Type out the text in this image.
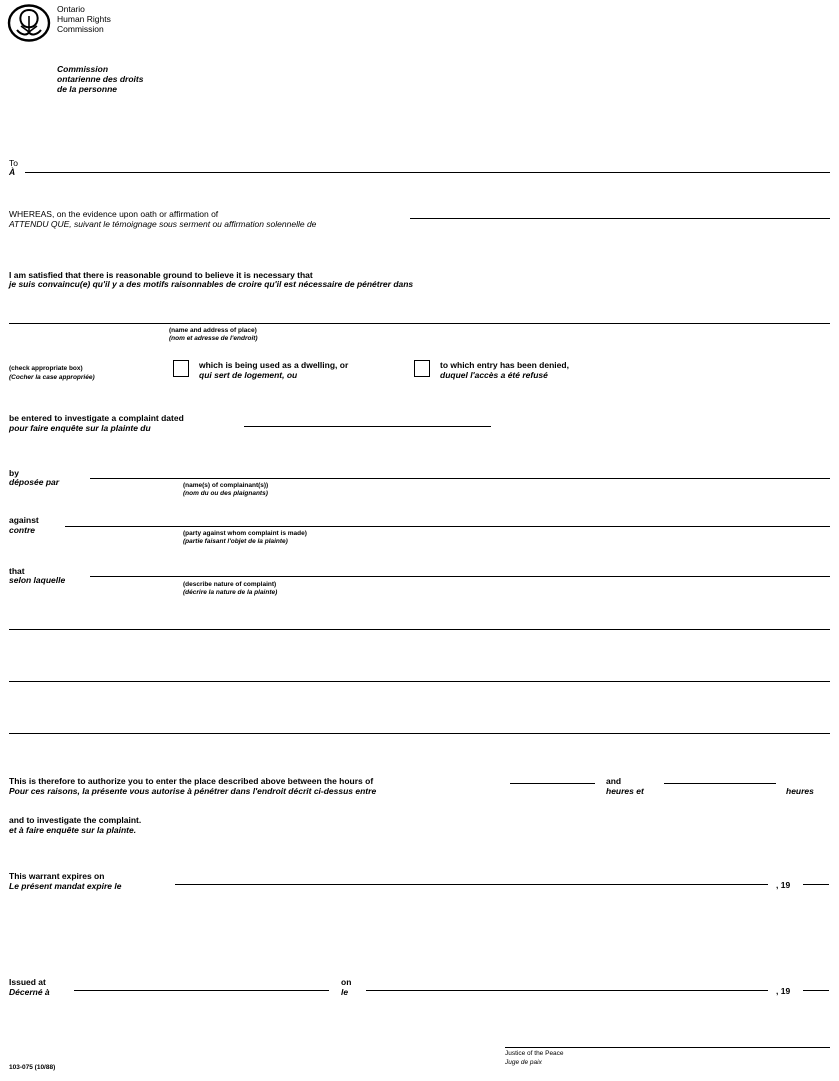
Ontario
Human Rights
Commission
Commission
ontarienne des droits
de la personne
To
À
WHEREAS, on the evidence upon oath or affirmation of
ATTENDU QUE, suivant le témoignage sous serment ou affirmation solennelle de
I am satisfied that there is reasonable ground to believe it is necessary that
je suis convaincu(e) qu'il y a des motifs raisonnables de croire qu'il est nécessaire de pénétrer dans
(name and address of place)
(nom et adresse de l'endroit)
(check appropriate box)
(Cocher la case appropriée)
which is being used as a dwelling, or
qui sert de logement, ou
to which entry has been denied,
duquel l'accès a été refusé
be entered to investigate a complaint dated
pour faire enquête sur la plainte du
by
déposée par	(name(s) of complainant(s))
(nom du ou des plaignants)
against
contre	(party against whom complaint is made)
(partie faisant l'objet de la plainte)
that
selon laquelle	(describe nature of complaint)
(décrire la nature de la plainte)
This is therefore to authorize you to enter the place described above between the hours of
Pour ces raisons, la présente vous autorise à pénétrer dans l'endroit décrit ci-dessus entre
and
heures et	heures
and to investigate the complaint.
et à faire enquête sur la plainte.
This warrant expires on
Le présent mandat expire le	, 19
Issued at
Décerné à
on
le	, 19
Justice of the Peace
Juge de paix
103-075 (10/88)
